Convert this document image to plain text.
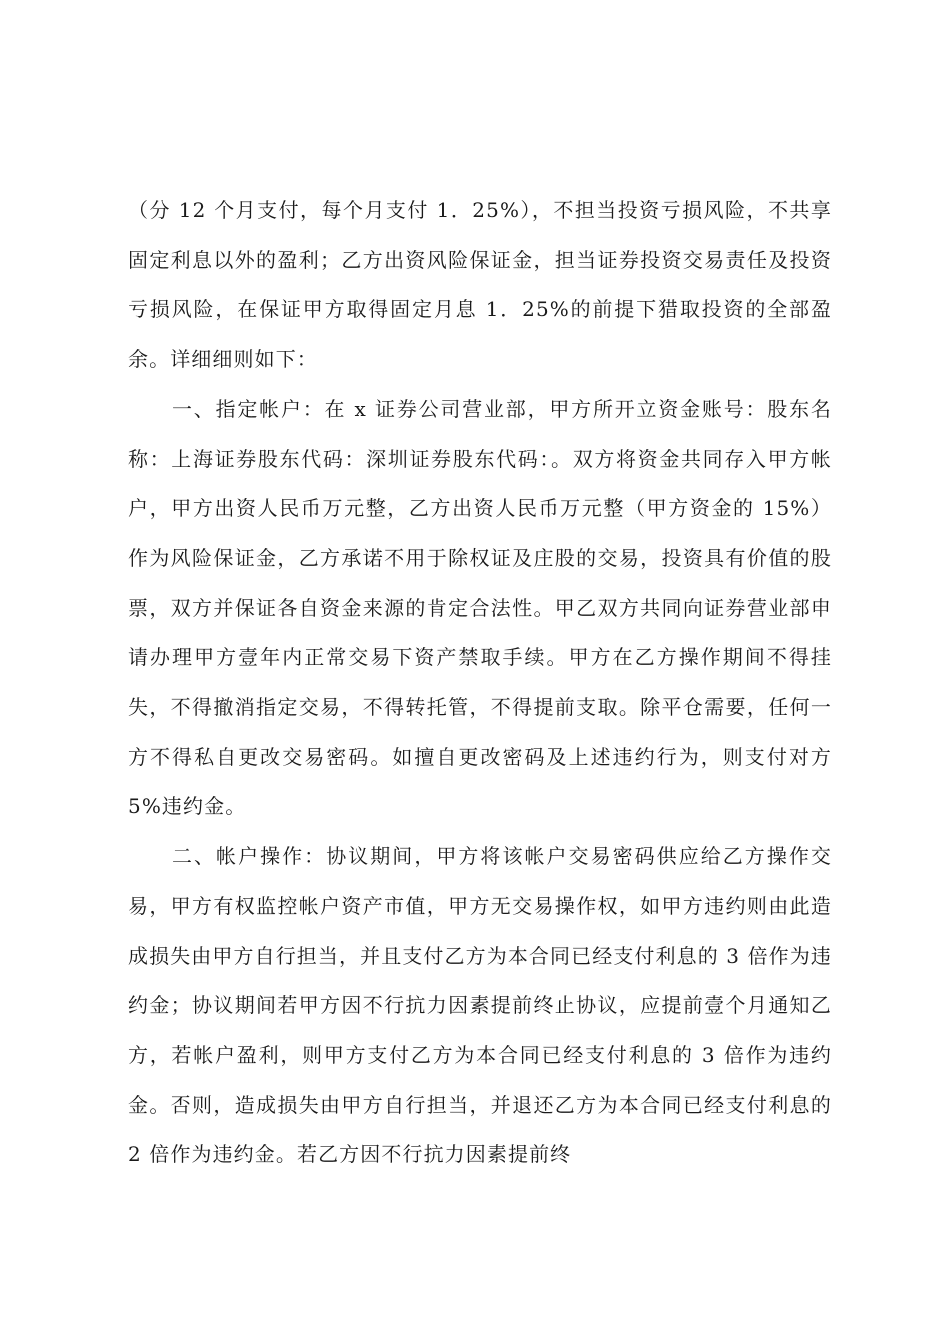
（分 12 个月支付，每个月支付 1．25%），不担当投资亏损风险，不共享固定利息以外的盈利；乙方出资风险保证金，担当证券投资交易责任及投资亏损风险，在保证甲方取得固定月息 1．25%的前提下猎取投资的全部盈余。详细细则如下：

一、指定帐户：在 x 证券公司营业部，甲方所开立资金账号：股东名称：上海证券股东代码：深圳证券股东代码：。双方将资金共同存入甲方帐户，甲方出资人民币万元整，乙方出资人民币万元整（甲方资金的 15%）作为风险保证金，乙方承诺不用于除权证及庄股的交易，投资具有价值的股票，双方并保证各自资金来源的肯定合法性。甲乙双方共同向证券营业部申请办理甲方壹年内正常交易下资产禁取手续。甲方在乙方操作期间不得挂失，不得撤消指定交易，不得转托管，不得提前支取。除平仓需要，任何一方不得私自更改交易密码。如擅自更改密码及上述违约行为，则支付对方 5%违约金。

二、帐户操作：协议期间，甲方将该帐户交易密码供应给乙方操作交易，甲方有权监控帐户资产市值，甲方无交易操作权，如甲方违约则由此造成损失由甲方自行担当，并且支付乙方为本合同已经支付利息的 3 倍作为违约金；协议期间若甲方因不行抗力因素提前终止协议，应提前壹个月通知乙方，若帐户盈利，则甲方支付乙方为本合同已经支付利息的 3 倍作为违约金。否则，造成损失由甲方自行担当，并退还乙方为本合同已经支付利息的 2 倍作为违约金。若乙方因不行抗力因素提前终
